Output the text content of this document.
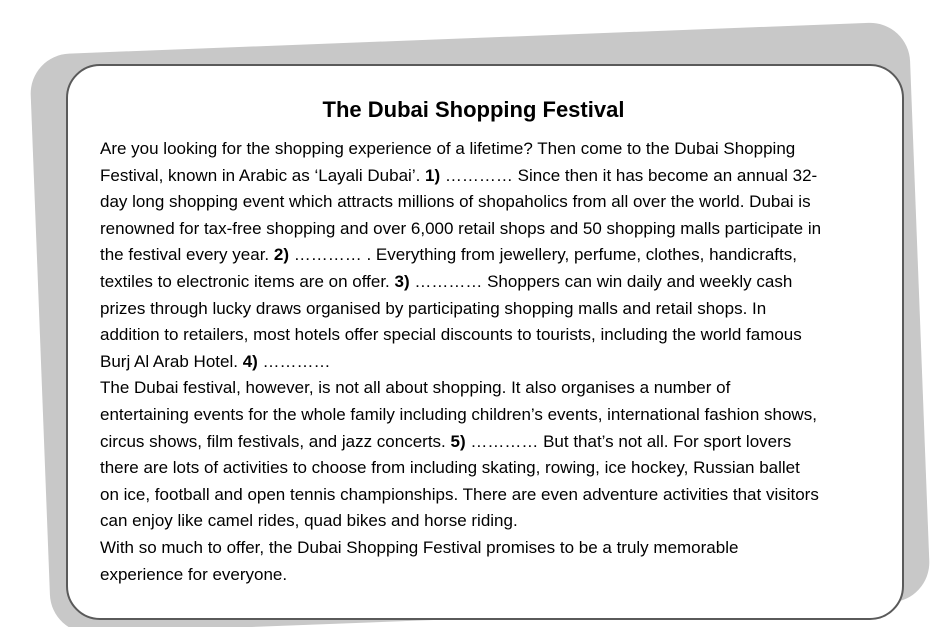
The Dubai Shopping Festival
Are you looking for the shopping experience of a lifetime? Then come to the Dubai Shopping
Festival, known in Arabic as ‘Layali Dubai’. 1) ………… Since then it has become an annual 32-
day long shopping event which attracts millions of shopaholics from all over the world. Dubai is
renowned for tax-free shopping and over 6,000 retail shops and 50 shopping malls participate in
the festival every year. 2) ………… . Everything from jewellery, perfume, clothes, handicrafts,
textiles to electronic items are on offer. 3) ………… Shoppers can win daily and weekly cash
prizes through lucky draws organised by participating shopping malls and retail shops. In
addition to retailers, most hotels offer special discounts to tourists, including the world famous
Burj Al Arab Hotel. 4) …………
The Dubai festival, however, is not all about shopping. It also organises a number of
entertaining events for the whole family including children’s events, international fashion shows,
circus shows, film festivals, and jazz concerts. 5) ………… But that’s not all. For sport lovers
there are lots of activities to choose from including skating, rowing, ice hockey, Russian ballet
on ice, football and open tennis championships. There are even adventure activities that visitors
can enjoy like camel rides, quad bikes and horse riding.
With so much to offer, the Dubai Shopping Festival promises to be a truly memorable
experience for everyone.
